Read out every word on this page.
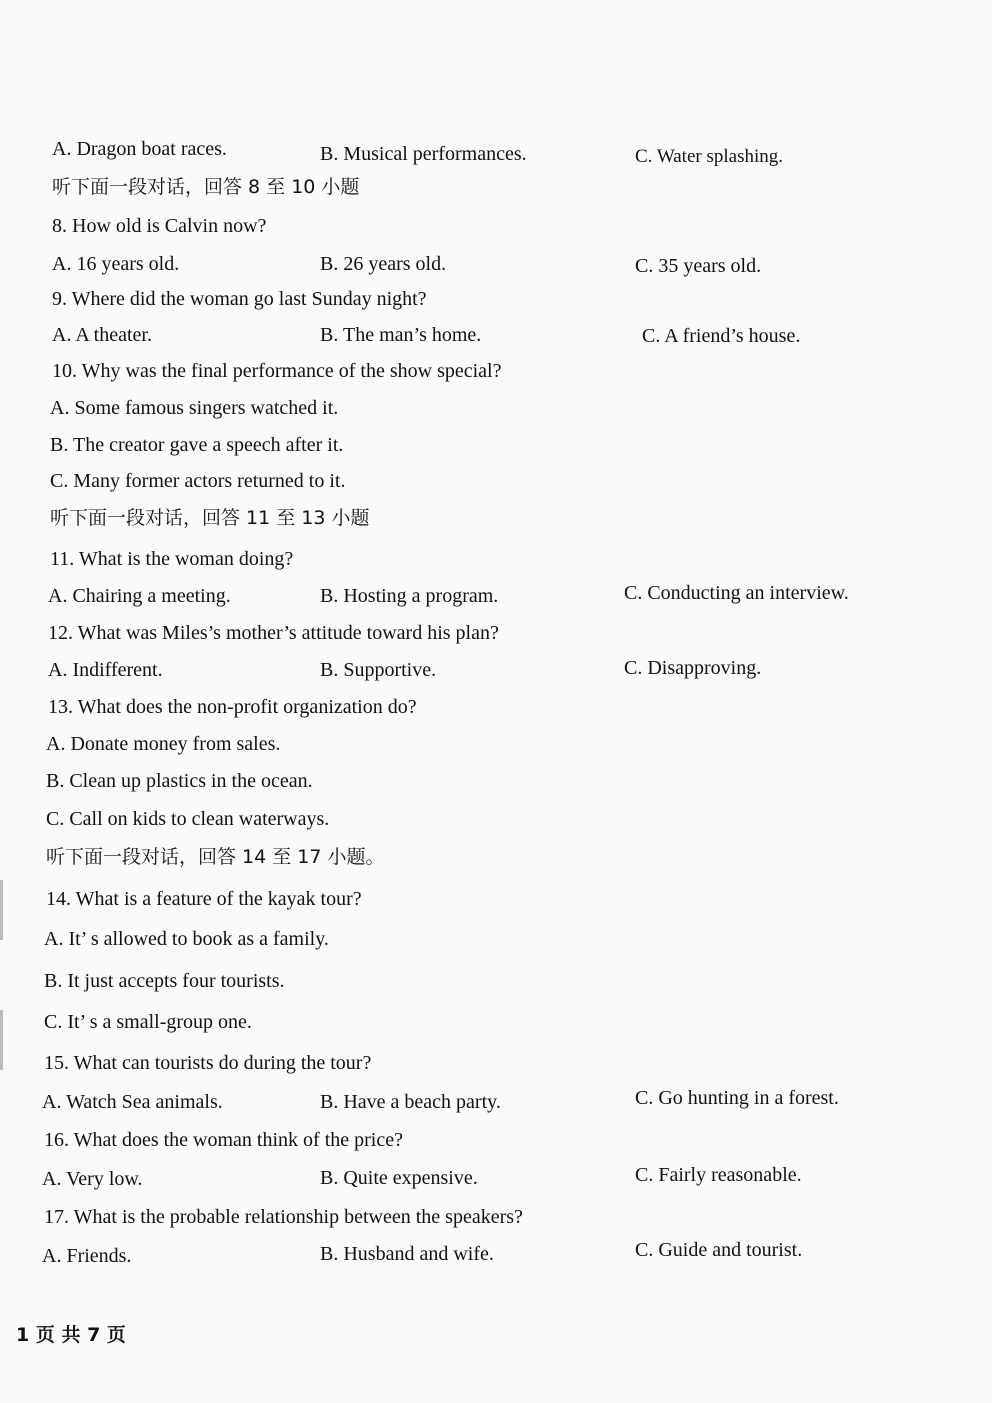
A. Dragon boat races.	B. Musical performances.	C. Water splashing.
听下面一段对话，回答 8 至 10 小题
8. How old is Calvin now?
A. 16 years old.	B. 26 years old.	C. 35 years old.
9. Where did the woman go last Sunday night?
A. A theater.	B. The man’s home.	C. A friend’s house.
10. Why was the final performance of the show special?
A. Some famous singers watched it.
B. The creator gave a speech after it.
C. Many former actors returned to it.
听下面一段对话，回答 11 至 13 小题
11. What is the woman doing?
A. Chairing a meeting.	B. Hosting a program.	C. Conducting an interview.
12. What was Miles’s mother’s attitude toward his plan?
A. Indifferent.	B. Supportive.	C. Disapproving.
13. What does the non-profit organization do?
A. Donate money from sales.
B. Clean up plastics in the ocean.
C. Call on kids to clean waterways.
听下面一段对话，回答 14 至 17 小题。
14. What is a feature of the kayak tour?
A. It’ s allowed to book as a family.
B. It just accepts four tourists.
C. It’ s a small-group one.
15. What can tourists do during the tour?
A. Watch Sea animals.	B. Have a beach party.	C. Go hunting in a forest.
16. What does the woman think of the price?
A. Very low.	B. Quite expensive.	C. Fairly reasonable.
17. What is the probable relationship between the speakers?
A. Friends.	B. Husband and wife.	C. Guide and tourist.
1 页 共 7 页
